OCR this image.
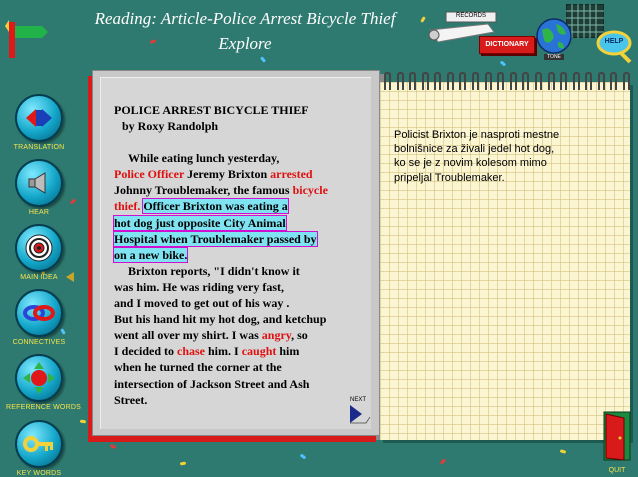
Reading: Article-Police Arrest Bicycle Thief
Explore
RECORDS
DICTIONARY
TONE
HELP
TRANSLATION
HEAR
MAIN IDEA
CONNECTIVES
REFERENCE WORDS
KEY WORDS

POLICE ARREST BICYCLE THIEF

by Roxy Randolph

While eating lunch yesterday,

Police Officer Jeremy Brixton arrested

Johnny Troublemaker, the famous bicycle

thief. Officer Brixton was eating a

hot dog just opposite City Animal

Hospital when Troublemaker passed by

on a new bike.

Brixton reports, "I didn't know it

was him. He was riding very fast,

and I moved to get out of his way .

But his hand hit my hot dog, and ketchup

went all over my shirt. I was angry, so

I decided to chase him. I caught him

when he turned the corner at the

intersection of Jackson Street and Ash

Street.	NEXT
Policist Brixton je nasproti mestne bolnišnice za živali jedel hot dog, ko se je z novim kolesom mimo pripeljal Troublemaker.
QUIT
